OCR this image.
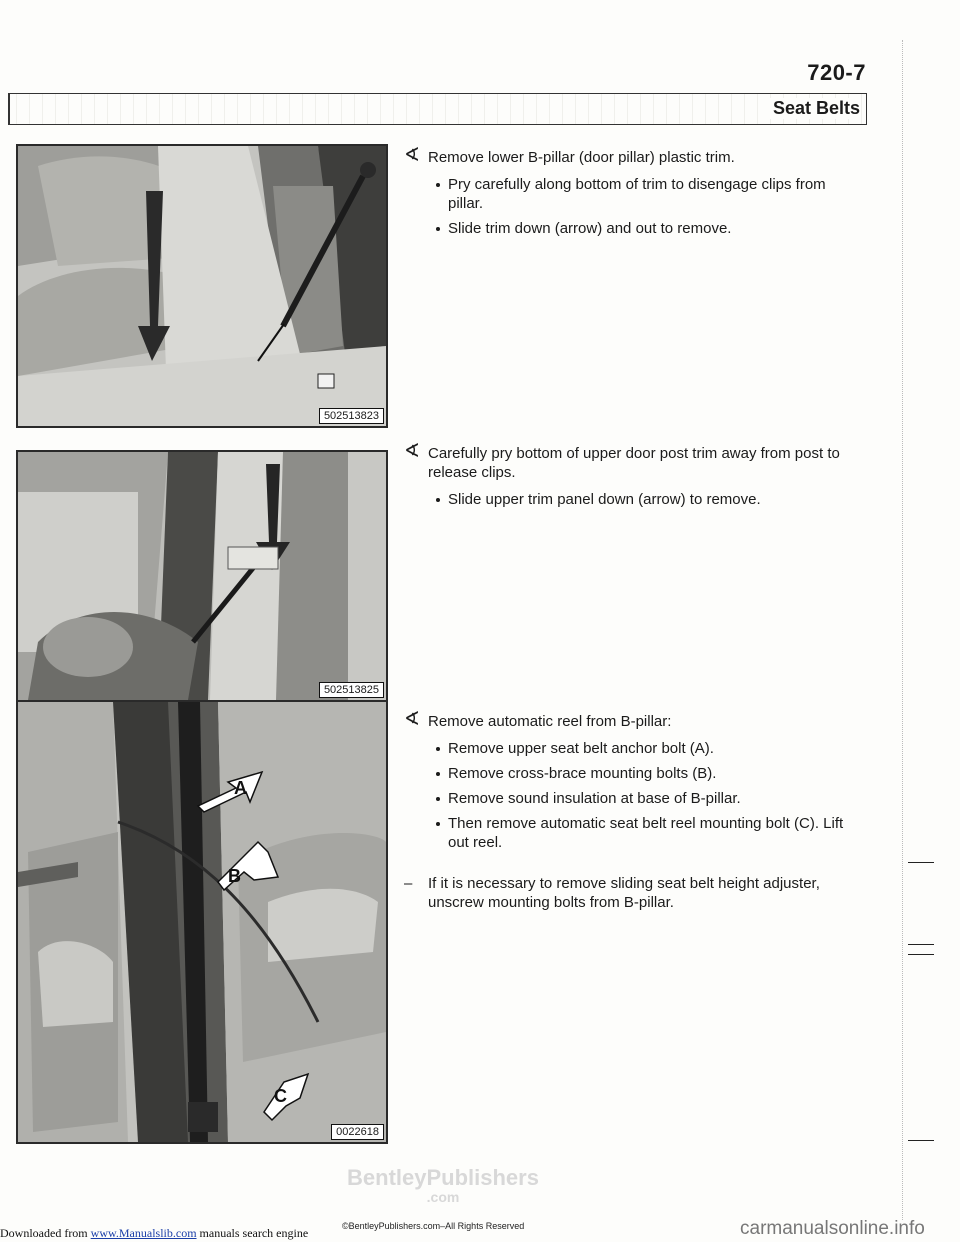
720-7
Seat Belts
502513823
502513825
A
B
C
0022618
∢ Remove lower B-pillar (door pillar) plastic trim.
Pry carefully along bottom of trim to disengage clips from pillar.
Slide trim down (arrow) and out to remove.
∢ Carefully pry bottom of upper door post trim away from post to release clips.
Slide upper trim panel down (arrow) to remove.
∢ Remove automatic reel from B-pillar:
Remove upper seat belt anchor bolt (A).
Remove cross-brace mounting bolts (B).
Remove sound insulation at base of B-pillar.
Then remove automatic seat belt reel mounting bolt (C). Lift out reel.
– If it is necessary to remove sliding seat belt height adjuster, unscrew mounting bolts from B-pillar.
BentleyPublishers
.com
Downloaded from www.Manualslib.com manuals search engine	©BentleyPublishers.com–All Rights Reserved	carmanualsonline.info
